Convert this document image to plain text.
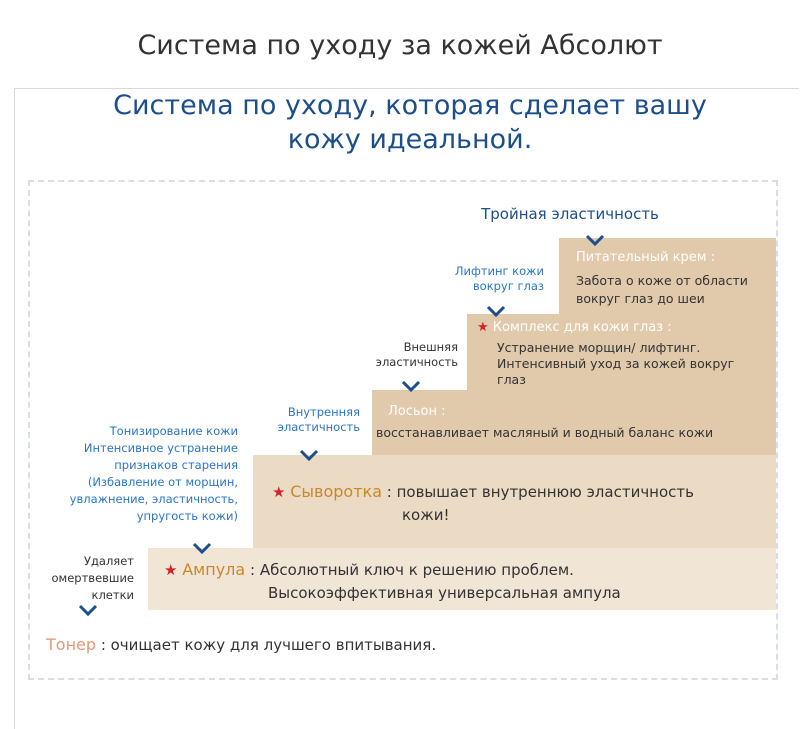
Система по уходу за кожей Абсолют
Система по уходу, которая сделает вашу
кожу идеальной.
Тройная эластичность
Питательный крем :
Забота о коже от области
вокруг глаз до шеи
★ Комплекс для кожи глаз :
Устранение морщин/ лифтинг.
Интенсивный уход за кожей вокруг
глаз
Лосьон :
восстанавливает масляный и водный баланс кожи
★ Сыворотка : повышает внутреннюю эластичность
кожи!
★ Ампула : Абсолютный ключ к решению проблем.
Высокоэффективная универсальная ампула
Тонер : очищает кожу для лучшего впитывания.
Лифтинг кожи
вокруг глаз
Внешняя
эластичность
Внутренняя
эластичность
Тонизирование кожи
Интенсивное устранение
признаков старения
(Избавление от морщин,
увлажнение, эластичность,
упругость кожи)
Удаляет
омертвевшие
клетки
